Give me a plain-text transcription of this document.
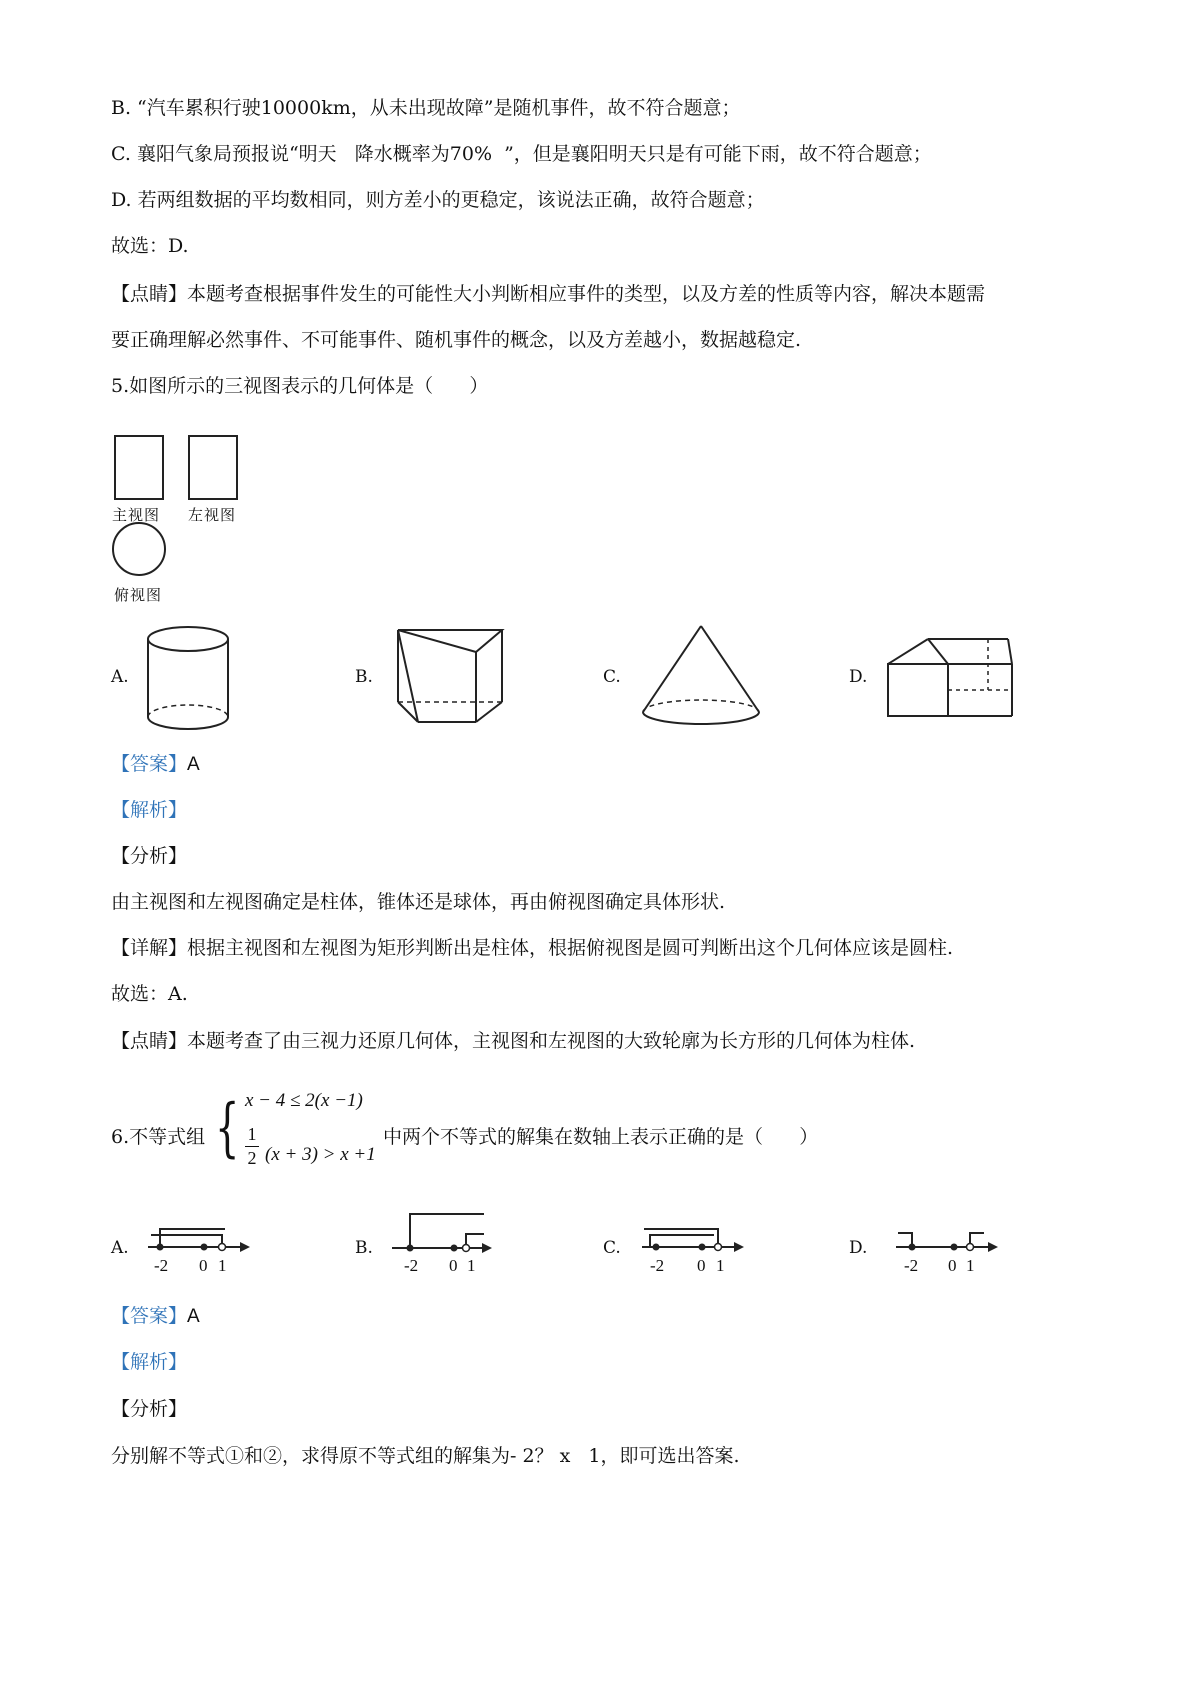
B. “汽车累积行驶10000km，从未出现故障”是随机事件，故不符合题意；
C. 襄阳气象局预报说“明天   降水概率为70%  ”，但是襄阳明天只是有可能下雨，故不符合题意；
D. 若两组数据的平均数相同，则方差小的更稳定，该说法正确，故符合题意；
故选：D.
【点睛】本题考查根据事件发生的可能性大小判断相应事件的类型，以及方差的性质等内容，解决本题需
要正确理解必然事件、不可能事件、随机事件的概念，以及方差越小，数据越稳定.
5.如图所示的三视图表示的几何体是（      ）
主视图 左视图
俯视图
A.	B.	C.	D.
【答案】A
【解析】
【分析】
由主视图和左视图确定是柱体，锥体还是球体，再由俯视图确定具体形状.
【详解】根据主视图和左视图为矩形判断出是柱体，根据俯视图是圆可判断出这个几何体应该是圆柱.
故选：A.
【点睛】本题考查了由三视力还原几何体，主视图和左视图的大致轮廓为长方形的几何体为柱体.
6.不等式组 { x − 4 ≤ 2(x −1)
1
2 (x + 3) > x +1
中两个不等式的解集在数轴上表示正确的是（      ）
A.
-2 0 1
B.
-2 0 1
C.
-2 0 1
D.
-2 0 1
【答案】A
【解析】
【分析】
分别解不等式①和②，求得原不等式组的解集为- 2？ x   1，即可选出答案.
